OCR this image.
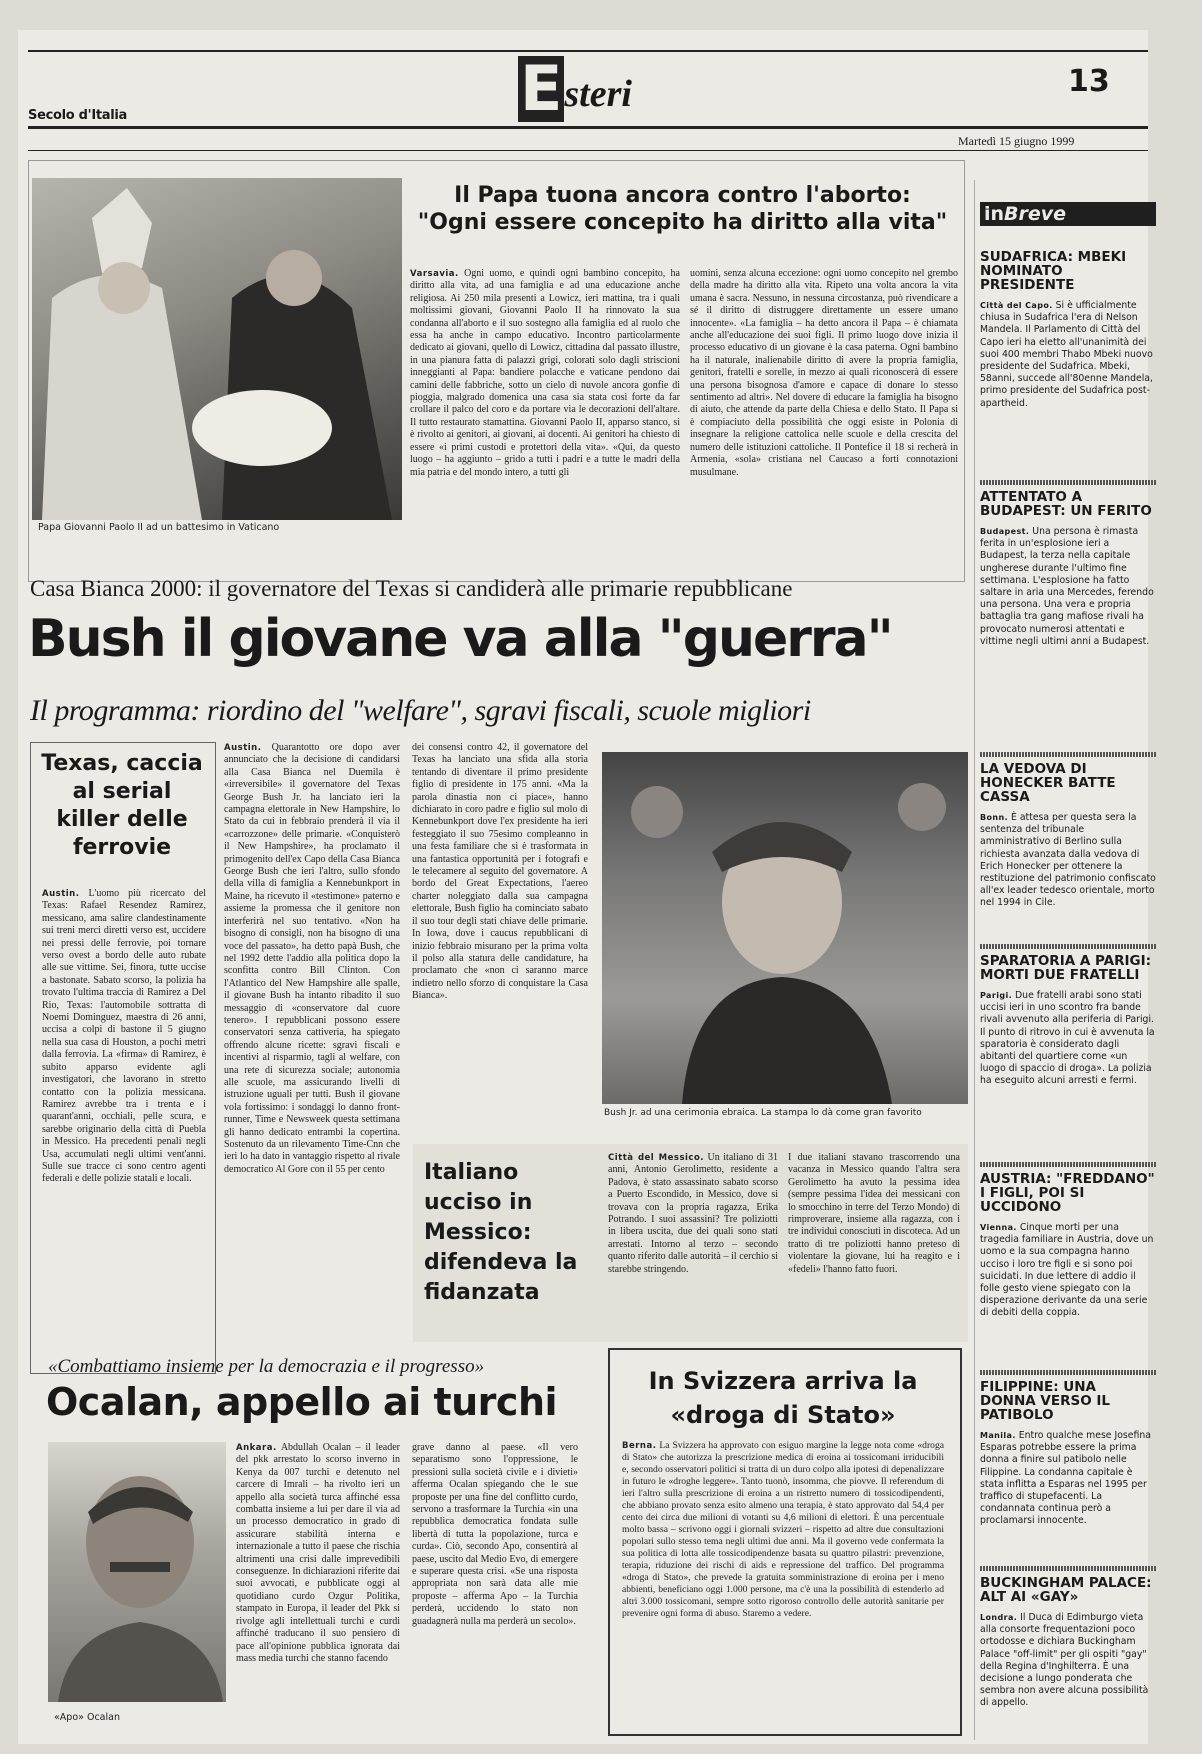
Secolo d'Italia	Esteri	13
Martedì 15 giugno 1999
Papa Giovanni Paolo II ad un battesimo in Vaticano
Il Papa tuona ancora contro l'aborto:
"Ogni essere concepito ha diritto alla vita"
Varsavia. Ogni uomo, e quindi ogni bambino concepito, ha diritto alla vita, ad una famiglia e ad una educazione anche religiosa. Ai 250 mila presenti a Lowicz, ieri mattina, tra i quali moltissimi giovani, Giovanni Paolo II ha rinnovato la sua condanna all'aborto e il suo sostegno alla famiglia ed al ruolo che essa ha anche in campo educativo. Incontro particolarmente dedicato ai giovani, quello di Lowicz, cittadina dal passato illustre, in una pianura fatta di palazzi grigi, colorati solo dagli striscioni inneggianti al Papa: bandiere polacche e vaticane pendono dai camini delle fabbriche, sotto un cielo di nuvole ancora gonfie di pioggia, malgrado domenica una casa sia stata così forte da far crollare il palco del coro e da portare via le decorazioni dell'altare. Il tutto restaurato stamattina. Giovanni Paolo II, apparso stanco, si è rivolto ai genitori, ai giovani, ai docenti. Ai genitori ha chiesto di essere «i primi custodi e protettori della vita». «Qui, da questo luogo – ha aggiunto – grido a tutti i padri e a tutte le madri della mia patria e del mondo intero, a tutti gli
uomini, senza alcuna eccezione: ogni uomo concepito nel grembo della madre ha diritto alla vita. Ripeto una volta ancora la vita umana è sacra. Nessuno, in nessuna circostanza, può rivendicare a sé il diritto di distruggere direttamente un essere umano innocente». «La famiglia – ha detto ancora il Papa – è chiamata anche all'educazione dei suoi figli. Il primo luogo dove inizia il processo educativo di un giovane è la casa paterna. Ogni bambino ha il naturale, inalienabile diritto di avere la propria famiglia, genitori, fratelli e sorelle, in mezzo ai quali riconoscerà di essere una persona bisognosa d'amore e capace di donare lo stesso sentimento ad altri». Nel dovere di educare la famiglia ha bisogno di aiuto, che attende da parte della Chiesa e dello Stato. Il Papa si è compiaciuto della possibilità che oggi esiste in Polonia di insegnare la religione cattolica nelle scuole e della crescita del numero delle istituzioni cattoliche. Il Pontefice il 18 si recherà in Armenia, «sola» cristiana nel Caucaso a forti connotazioni musulmane.
Casa Bianca 2000: il governatore del Texas si candiderà alle primarie repubblicane
Bush il giovane va alla "guerra"
Il programma: riordino del "welfare", sgravi fiscali, scuole migliori
Texas, caccia al serial killer delle ferrovie
Austin. L'uomo più ricercato del Texas: Rafael Resendez Ramirez, messicano, ama salire clandestinamente sui treni merci diretti verso est, uccidere nei pressi delle ferrovie, poi tornare verso ovest a bordo delle auto rubate alle sue vittime. Sei, finora, tutte uccise a bastonate. Sabato scorso, la polizia ha trovato l'ultima traccia di Ramirez a Del Rio, Texas: l'automobile sottratta di Noemi Dominguez, maestra di 26 anni, uccisa a colpi di bastone il 5 giugno nella sua casa di Houston, a pochi metri dalla ferrovia. La «firma» di Ramirez, è subito apparso evidente agli investigatori, che lavorano in stretto contatto con la polizia messicana. Ramirez avrebbe tra i trenta e i quarant'anni, occhiali, pelle scura, e sarebbe originario della città di Puebla in Messico. Ha precedenti penali negli Usa, accumulati negli ultimi vent'anni. Sulle sue tracce ci sono centro agenti federali e delle polizie statali e locali.
Austin. Quarantotto ore dopo aver annunciato che la decisione di candidarsi alla Casa Bianca nel Duemila è «irreversibile» il governatore del Texas George Bush Jr. ha lanciato ieri la campagna elettorale in New Hampshire, lo Stato da cui in febbraio prenderà il via il «carrozzone» delle primarie. «Conquisterò il New Hampshire», ha proclamato il primogenito dell'ex Capo della Casa Bianca George Bush che ieri l'altro, sullo sfondo della villa di famiglia a Kennebunkport in Maine, ha ricevuto il «testimone» paterno e assieme la promessa che il genitore non interferirà nel suo tentativo. «Non ha bisogno di consigli, non ha bisogno di una voce del passato», ha detto papà Bush, che nel 1992 dette l'addio alla politica dopo la sconfitta contro Bill Clinton. Con l'Atlantico del New Hampshire alle spalle, il giovane Bush ha intanto ribadito il suo messaggio di «conservatore dal cuore tenero». I repubblicani possono essere conservatori senza cattiveria, ha spiegato offrendo alcune ricette: sgravi fiscali e incentivi al risparmio, tagli al welfare, con una rete di sicurezza sociale; autonomia alle scuole, ma assicurando livelli di istruzione uguali per tutti. Bush il giovane vola fortissimo: i sondaggi lo danno front-runner, Time e Newsweek questa settimana gli hanno dedicato entrambi la copertina. Sostenuto da un rilevamento Time-Cnn che ieri lo ha dato in vantaggio rispetto al rivale democratico Al Gore con il 55 per cento
dei consensi contro 42, il governatore del Texas ha lanciato una sfida alla storia tentando di diventare il primo presidente figlio di presidente in 175 anni. «Ma la parola dinastia non ci piace», hanno dichiarato in coro padre e figlio sul molo di Kennebunkport dove l'ex presidente ha ieri festeggiato il suo 75esimo compleanno in una festa familiare che si è trasformata in una fantastica opportunità per i fotografi e le telecamere al seguito del governatore. A bordo del Great Expectations, l'aereo charter noleggiato dalla sua campagna elettorale, Bush figlio ha cominciato sabato il suo tour degli stati chiave delle primarie. In Iowa, dove i caucus repubblicani di inizio febbraio misurano per la prima volta il polso alla statura delle candidature, ha proclamato che «non ci saranno marce indietro nello sforzo di conquistare la Casa Bianca».
Bush Jr. ad una cerimonia ebraica. La stampa lo dà come gran favorito
Italiano ucciso in Messico: difendeva la fidanzata
Città del Messico. Un italiano di 31 anni, Antonio Gerolimetto, residente a Padova, è stato assassinato sabato scorso a Puerto Escondido, in Messico, dove si trovava con la propria ragazza, Erika Potrando. I suoi assassini? Tre poliziotti in libera uscita, due dei quali sono stati arrestati. Intorno al terzo – secondo quanto riferito dalle autorità – il cerchio si starebbe stringendo.
I due italiani stavano trascorrendo una vacanza in Messico quando l'altra sera Gerolimetto ha avuto la pessima idea (sempre pessima l'idea dei messicani con lo smocchino in terre del Terzo Mondo) di rimproverare, insieme alla ragazza, con i tre individui conosciuti in discoteca. Ad un tratto di tre poliziotti hanno preteso di violentare la giovane, lui ha reagito e i «fedeli» l'hanno fatto fuori.
«Combattiamo insieme per la democrazia e il progresso»
Ocalan, appello ai turchi
«Apo» Ocalan
Ankara. Abdullah Ocalan – il leader del pkk arrestato lo scorso inverno in Kenya da 007 turchi e detenuto nel carcere di Imrali – ha rivolto ieri un appello alla società turca affinché essa combatta insieme a lui per dare il via ad un processo democratico in grado di assicurare stabilità interna e internazionale a tutto il paese che rischia altrimenti una crisi dalle imprevedibili conseguenze. In dichiarazioni riferite dai suoi avvocati, e pubblicate oggi al quotidiano curdo Ozgur Politika, stampato in Europa, il leader del Pkk si rivolge agli intellettuali turchi e curdi affinché traducano il suo pensiero di pace all'opinione pubblica ignorata dai mass media turchi che stanno facendo
grave danno al paese. «Il vero separatismo sono l'oppressione, le pressioni sulla società civile e i divieti» afferma Ocalan spiegando che le sue proposte per una fine del conflitto curdo, servono a trasformare la Turchia «in una repubblica democratica fondata sulle libertà di tutta la popolazione, turca e curda». Ciò, secondo Apo, consentirà al paese, uscito dal Medio Evo, di emergere e superare questa crisi. «Se una risposta appropriata non sarà data alle mie proposte – afferma Apo – la Turchia perderà, uccidendo lo stato non guadagnerà nulla ma perderà un secolo».
In Svizzera arriva la «droga di Stato»
Berna. La Svizzera ha approvato con esiguo margine la legge nota come «droga di Stato» che autorizza la prescrizione medica di eroina ai tossicomani irriducibili e, secondo osservatori politici si tratta di un duro colpo alla ipotesi di depenalizzare in futuro le «droghe leggere». Tanto tuonò, insomma, che piovve. Il referendum di ieri l'altro sulla prescrizione di eroina a un ristretto numero di tossicodipendenti, che abbiano provato senza esito almeno una terapia, è stato approvato dal 54,4 per cento dei circa due milioni di votanti su 4,6 milioni di elettori. È una percentuale molto bassa – scrivono oggi i giornali svizzeri – rispetto ad altre due consultazioni popolari sullo stesso tema negli ultimi due anni. Ma il governo vede confermata la sua politica di lotta alle tossicodipendenze basata su quattro pilastri: prevenzione, terapia, riduzione dei rischi di aids e repressione del traffico. Del programma «droga di Stato», che prevede la gratuita somministrazione di eroina per i meno abbienti, beneficiano oggi 1.000 persone, ma c'è una la possibilità di estenderlo ad altri 3.000 tossicomani, sempre sotto rigoroso controllo delle autorità sanitarie per prevenire ogni forma di abuso. Staremo a vedere.
inBreve
SUDAFRICA: MBEKI NOMINATO PRESIDENTE

Città del Capo. Si è ufficialmente chiusa in Sudafrica l'era di Nelson Mandela. Il Parlamento di Città del Capo ieri ha eletto all'unanimità dei suoi 400 membri Thabo Mbeki nuovo presidente del Sudafrica. Mbeki, 58anni, succede all'80enne Mandela, primo presidente del Sudafrica post-apartheid.

ATTENTATO A BUDAPEST: UN FERITO

Budapest. Una persona è rimasta ferita in un'esplosione ieri a Budapest, la terza nella capitale ungherese durante l'ultimo fine settimana. L'esplosione ha fatto saltare in aria una Mercedes, ferendo una persona. Una vera e propria battaglia tra gang mafiose rivali ha provocato numerosi attentati e vittime negli ultimi anni a Budapest.

LA VEDOVA DI HONECKER BATTE CASSA

Bonn. È attesa per questa sera la sentenza del tribunale amministrativo di Berlino sulla richiesta avanzata dalla vedova di Erich Honecker per ottenere la restituzione del patrimonio confiscato all'ex leader tedesco orientale, morto nel 1994 in Cile.

SPARATORIA A PARIGI: MORTI DUE FRATELLI

Parigi. Due fratelli arabi sono stati uccisi ieri in uno scontro fra bande rivali avvenuto alla periferia di Parigi. Il punto di ritrovo in cui è avvenuta la sparatoria è considerato dagli abitanti del quartiere come «un luogo di spaccio di droga». La polizia ha eseguito alcuni arresti e fermi.

AUSTRIA: "FREDDANO" I FIGLI, POI SI UCCIDONO

Vienna. Cinque morti per una tragedia familiare in Austria, dove un uomo e la sua compagna hanno ucciso i loro tre figli e si sono poi suicidati. In due lettere di addio il folle gesto viene spiegato con la disperazione derivante da una serie di debiti della coppia.

FILIPPINE: UNA DONNA VERSO IL PATIBOLO

Manila. Entro qualche mese Josefina Esparas potrebbe essere la prima donna a finire sul patibolo nelle Filippine. La condanna capitale è stata inflitta a Esparas nel 1995 per traffico di stupefacenti. La condannata continua però a proclamarsi innocente.

BUCKINGHAM PALACE: ALT AI «GAY»

Londra. Il Duca di Edimburgo vieta alla consorte frequentazioni poco ortodosse e dichiara Buckingham Palace "off-limit" per gli ospiti "gay" della Regina d'Inghilterra. È una decisione a lungo ponderata che sembra non avere alcuna possibilità di appello.
